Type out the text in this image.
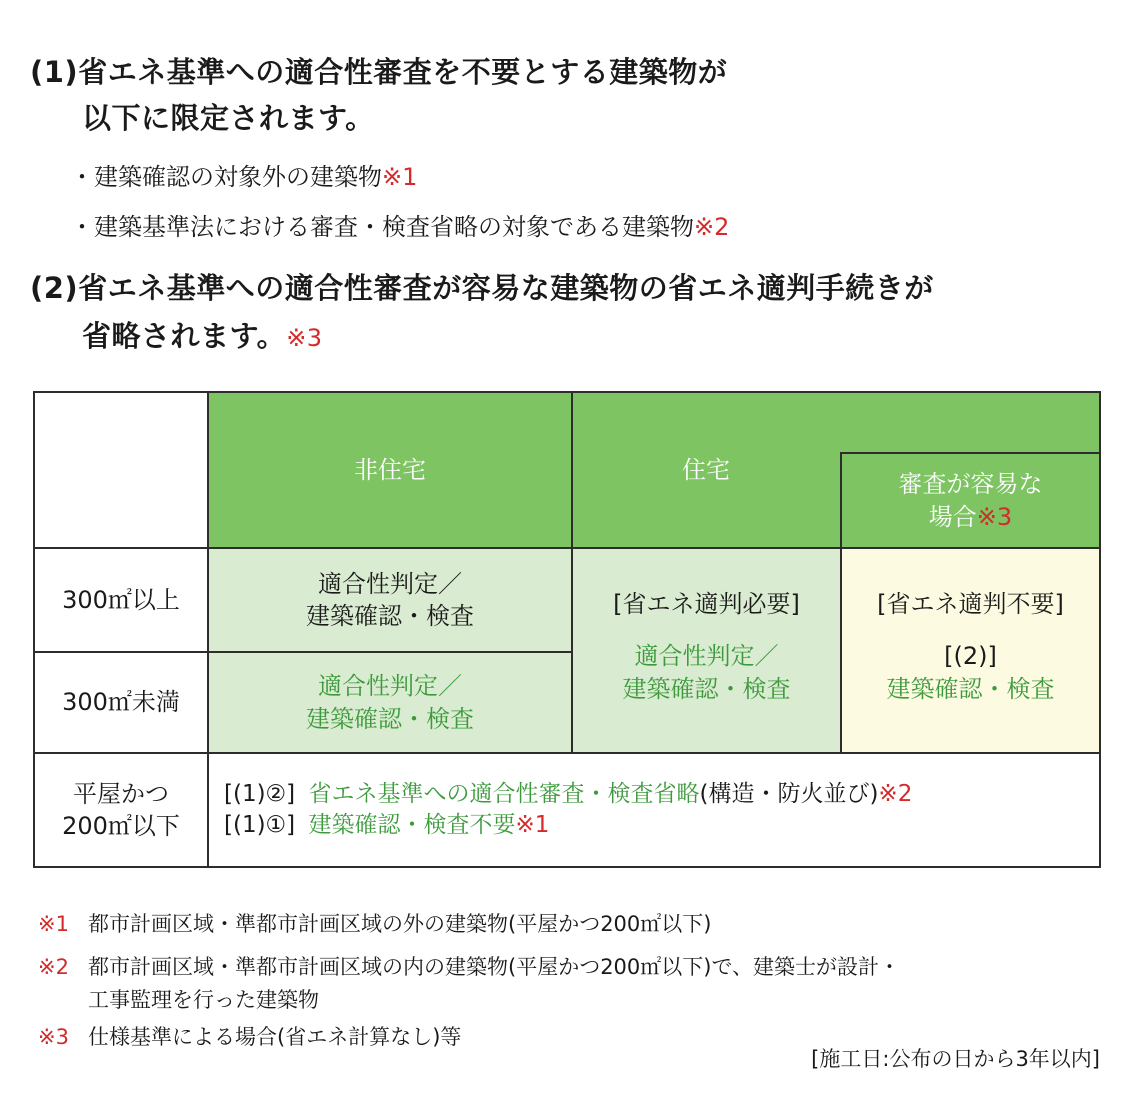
(1)省エネ基準への適合性審査を不要とする建築物が
以下に限定されます。
・建築確認の対象外の建築物※1
・建築基準法における審査・検査省略の対象である建築物※2
(2)省エネ基準への適合性審査が容易な建築物の省エネ適判手続きが
省略されます。※3
非住宅	住宅
審査が容易な
場合※3
300㎡以上
300㎡未満
平屋かつ
200㎡以下
適合性判定／
建築確認・検査
適合性判定／
建築確認・検査
[省エネ適判必要]
適合性判定／
建築確認・検査
[省エネ適判不要]
[(2)]
建築確認・検査
[(1)②] 省エネ基準への適合性審査・検査省略(構造・防火並び)※2
[(1)①] 建築確認・検査不要※1
※1 都市計画区域・準都市計画区域の外の建築物(平屋かつ200㎡以下)
※2 都市計画区域・準都市計画区域の内の建築物(平屋かつ200㎡以下)で、建築士が設計・
工事監理を行った建築物
※3 仕様基準による場合(省エネ計算なし)等
[施工日:公布の日から3年以内]
